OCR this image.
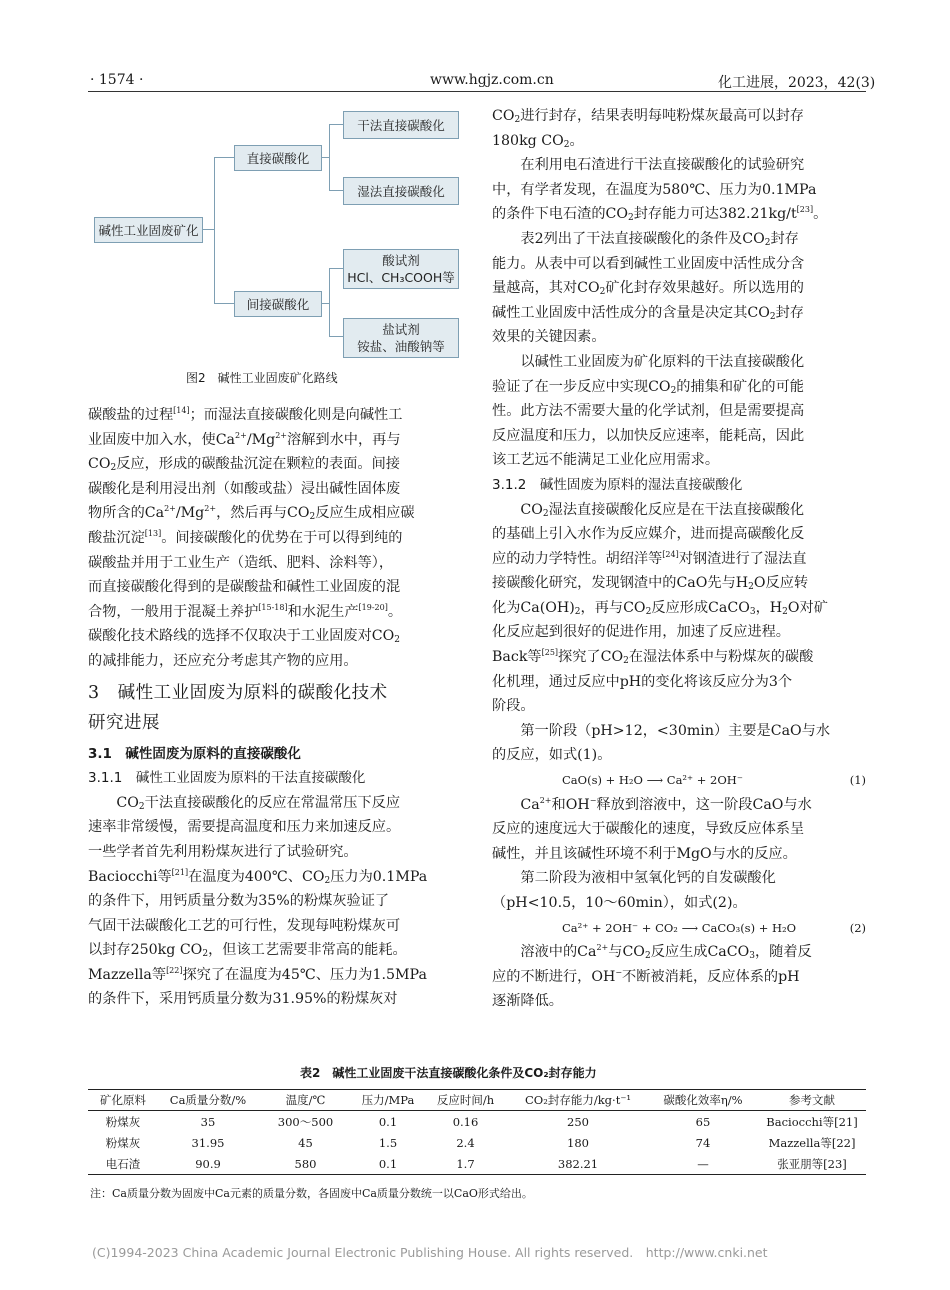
· 1574 ·	www.hgjz.com.cn	化工进展，2023，42(3)
碱性工业固废矿化
直接碳酸化
干法直接碳酸化
湿法直接碳酸化
间接碳酸化
酸试剂
HCl、CH₃COOH等
盐试剂
铵盐、油酸钠等
图2　碱性工业固废矿化路线

碳酸盐的过程[14]；而湿法直接碳酸化则是向碱性工
业固废中加入水，使$Ca^{2+}/Mg^{2+}$溶解到水中，再与
$CO_2$反应，形成的碳酸盐沉淀在颗粒的表面。间接
碳酸化是利用浸出剂（如酸或盐）浸出碱性固体废
物所含的$Ca^{2+}/Mg^{2+}$，然后再与$CO_2$反应生成相应碳
酸盐沉淀[13]。间接碳酸化的优势在于可以得到纯的
碳酸盐并用于工业生产（造纸、肥料、涂料等），
而直接碳酸化得到的是碳酸盐和碱性工业固废的混
合物，一般用于混凝土养护[15-18]和水泥生产[19-20]。
碳酸化技术路线的选择不仅取决于工业固废对$CO_2$
的减排能力，还应充分考虑其产物的应用。

3　碱性工业固废为原料的碳酸化技术
研究进展

3.1　碱性固废为原料的直接碳酸化

3.1.1　碱性工业固废为原料的干法直接碳酸化

$CO_2$干法直接碳酸化的反应在常温常压下反应
速率非常缓慢，需要提高温度和压力来加速反应。
一些学者首先利用粉煤灰进行了试验研究。
Baciocchi等[21]在温度为400℃、$CO_2$压力为0.1MPa
的条件下，用钙质量分数为35%的粉煤灰验证了
气固干法碳酸化工艺的可行性，发现每吨粉煤灰可
以封存250kg $CO_2$，但该工艺需要非常高的能耗。
Mazzella等[22]探究了在温度为45℃、压力为1.5MPa
的条件下，采用钙质量分数为31.95%的粉煤灰对

$CO_2$进行封存，结果表明每吨粉煤灰最高可以封存
180kg $CO_2$。

在利用电石渣进行干法直接碳酸化的试验研究
中，有学者发现，在温度为580℃、压力为0.1MPa
的条件下电石渣的$CO_2$封存能力可达382.21kg/t[23]。

表2列出了干法直接碳酸化的条件及$CO_2$封存
能力。从表中可以看到碱性工业固废中活性成分含
量越高，其对$CO_2$矿化封存效果越好。所以选用的
碱性工业固废中活性成分的含量是决定其$CO_2$封存
效果的关键因素。

以碱性工业固废为矿化原料的干法直接碳酸化
验证了在一步反应中实现$CO_2$的捕集和矿化的可能
性。此方法不需要大量的化学试剂，但是需要提高
反应温度和压力，以加快反应速率，能耗高，因此
该工艺远不能满足工业化应用需求。

3.1.2　碱性固废为原料的湿法直接碳酸化

$CO_2$湿法直接碳酸化反应是在干法直接碳酸化
的基础上引入水作为反应媒介，进而提高碳酸化反
应的动力学特性。胡绍洋等[24]对钢渣进行了湿法直
接碳酸化研究，发现钢渣中的CaO先与$H_2O$反应转
化为$Ca(OH)_2$，再与$CO_2$反应形成CaCO$_3$，$H_2O$对矿
化反应起到很好的促进作用，加速了反应进程。
Back等[25]探究了$CO_2$在湿法体系中与粉煤灰的碳酸
化机理，通过反应中pH的变化将该反应分为3个
阶段。

第一阶段（pH>12，<30min）主要是CaO与水
的反应，如式(1)。

CaO(s) + H₂O ⟶ Ca²⁺ + 2OH⁻	(1)

$Ca^{2+}$和OH−释放到溶液中，这一阶段CaO与水
反应的速度远大于碳酸化的速度，导致反应体系呈
碱性，并且该碱性环境不利于MgO与水的反应。

第二阶段为液相中氢氧化钙的自发碳酸化
（pH<10.5，10～60min），如式(2)。

Ca²⁺ + 2OH⁻ + CO₂ ⟶ CaCO₃(s) + H₂O	(2)

溶液中的$Ca^{2+}$与$CO_2$反应生成CaCO$_3$，随着反
应的不断进行，OH−不断被消耗，反应体系的pH
逐渐降低。

表2　碱性工业固废干法直接碳酸化条件及CO₂封存能力
矿化原料	Ca质量分数/%	温度/℃	压力/MPa	反应时间/h	CO₂封存能力/kg·t⁻¹	碳酸化效率η/%	参考文献
粉煤灰	35	300～500	0.1	0.16	250	65	Baciocchi等[21]
粉煤灰	31.95	45	1.5	2.4	180	74	Mazzella等[22]
电石渣	90.9	580	0.1	1.7	382.21	—	张亚朋等[23]
注：Ca质量分数为固废中Ca元素的质量分数，各固废中Ca质量分数统一以CaO形式给出。
(C)1994-2023 China Academic Journal Electronic Publishing House. All rights reserved.　http://www.cnki.net
